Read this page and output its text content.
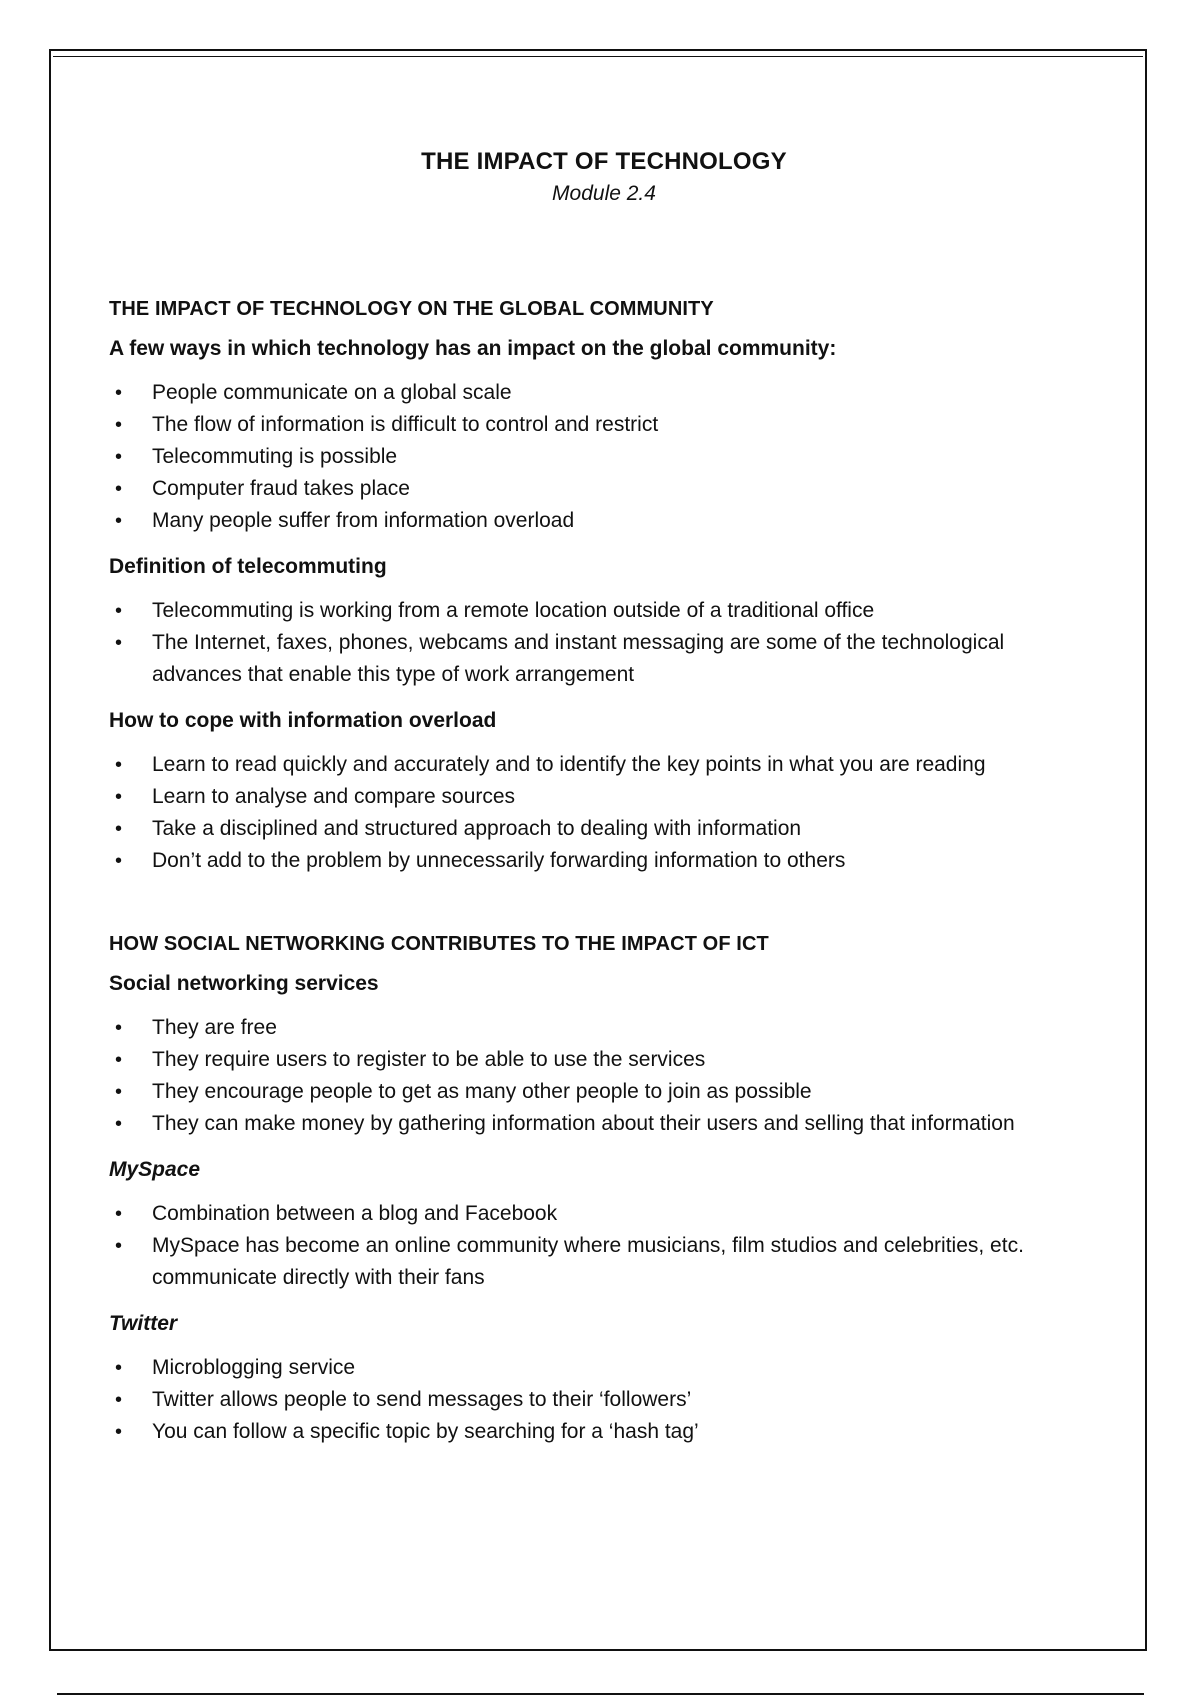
THE IMPACT OF TECHNOLOGY
Module 2.4
THE IMPACT OF TECHNOLOGY ON THE GLOBAL COMMUNITY
A few ways in which technology has an impact on the global community:
• People communicate on a global scale
• The flow of information is difficult to control and restrict
• Telecommuting is possible
• Computer fraud takes place
• Many people suffer from information overload
Definition of telecommuting
• Telecommuting is working from a remote location outside of a traditional office
• The Internet, faxes, phones, webcams and instant messaging are some of the technological advances that enable this type of work arrangement
How to cope with information overload
• Learn to read quickly and accurately and to identify the key points in what you are reading
• Learn to analyse and compare sources
• Take a disciplined and structured approach to dealing with information
• Don’t add to the problem by unnecessarily forwarding information to others
HOW SOCIAL NETWORKING CONTRIBUTES TO THE IMPACT OF ICT
Social networking services
• They are free
• They require users to register to be able to use the services
• They encourage people to get as many other people to join as possible
• They can make money by gathering information about their users and selling that information
MySpace
• Combination between a blog and Facebook
• MySpace has become an online community where musicians, film studios and celebrities, etc. communicate directly with their fans
Twitter
• Microblogging service
• Twitter allows people to send messages to their ‘followers’
• You can follow a specific topic by searching for a ‘hash tag’
